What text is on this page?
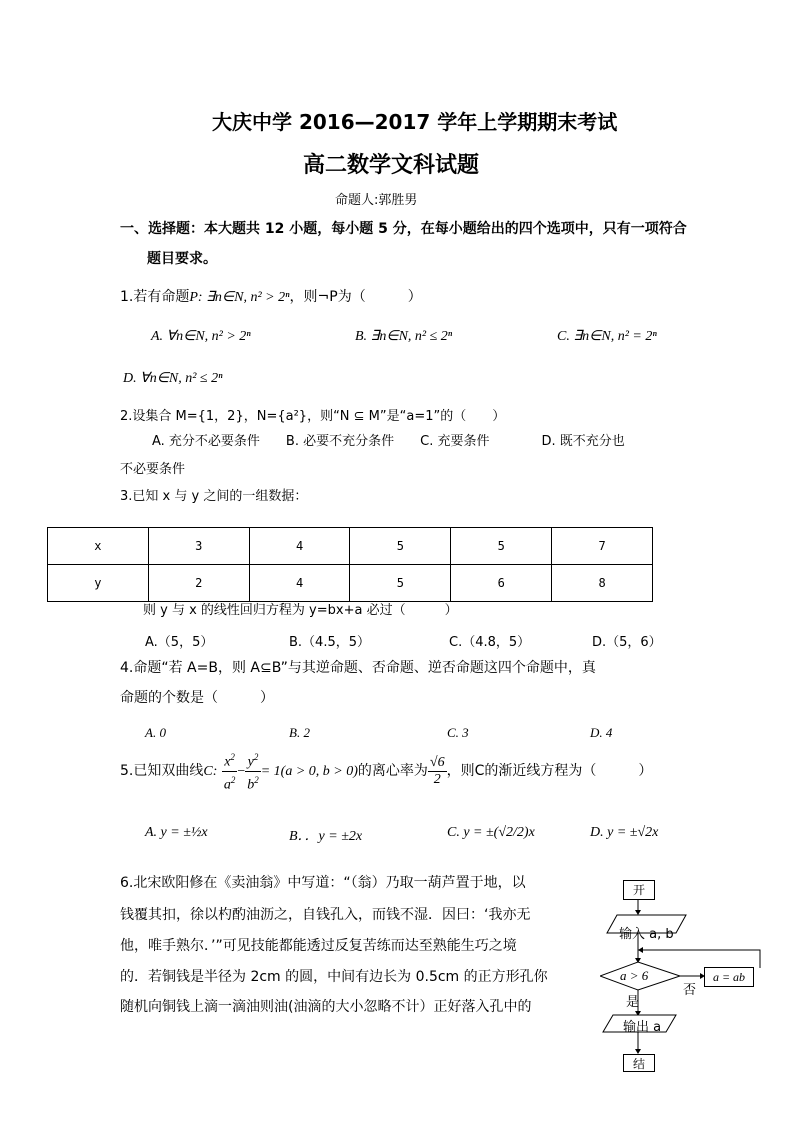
大庆中学 2016—2017 学年上学期期末考试
高二数学文科试题
命题人:郭胜男
一、选择题：本大题共 12 小题，每小题 5 分，在每小题给出的四个选项中，只有一项符合
题目要求。
1.若有命题P: ∃n∈N, n² > 2ⁿ，则¬P为（　　　）
A. ∀n∈N, n² > 2ⁿ	B. ∃n∈N, n² ≤ 2ⁿ	C. ∃n∈N, n² = 2ⁿ
D. ∀n∈N, n² ≤ 2ⁿ
2.设集合 M={1，2}，N={a²}，则“N ⊆ M”是“a=1”的（　　）
A. 充分不必要条件　　B. 必要不充分条件　　C. 充要条件　　　　D. 既不充分也
不必要条件
3.已知 x 与 y 之间的一组数据：
x	3	4	5	5	7
y	2	4	5	6	8
则 y 与 x 的线性回归方程为 y=bx+a 必过（　　　）
A.（5，5）	B.（4.5，5）	C.（4.8，5）	D.（5，6）
4.命题“若 A=B，则 A⊆B”与其逆命题、否命题、逆否命题这四个命题中，真
命题的个数是（　　　）
A. 0	B. 2	C. 3	D. 4
5.已知双曲线C: $\frac{x^2}{a^2} - \frac{y^2}{b^2} = 1(a > 0$, b > 0)的离心率为 $\frac{√6}{2}$ ，则C的渐近线方程为（　　　）
A. y = ±½x	B．．y = ±2x	C. y = ±(√2/2)x	D. y = ±√2x
6.北宋欧阳修在《卖油翁》中写道：“（翁）乃取一葫芦置于地，以
钱覆其扣，徐以杓酌油沥之，自钱孔入，而钱不湿．因曰：‘我亦无
他，唯手熟尔．’”可见技能都能透过反复苦练而达至熟能生巧之境
的．若铜钱是半径为 2cm 的圆，中间有边长为 0.5cm 的正方形孔你
随机向铜钱上滴一滴油则油(油滴的大小忽略不计）正好落入孔中的
开
输入 a, b
a > 6
否
a = ab
是
输出 a
结
